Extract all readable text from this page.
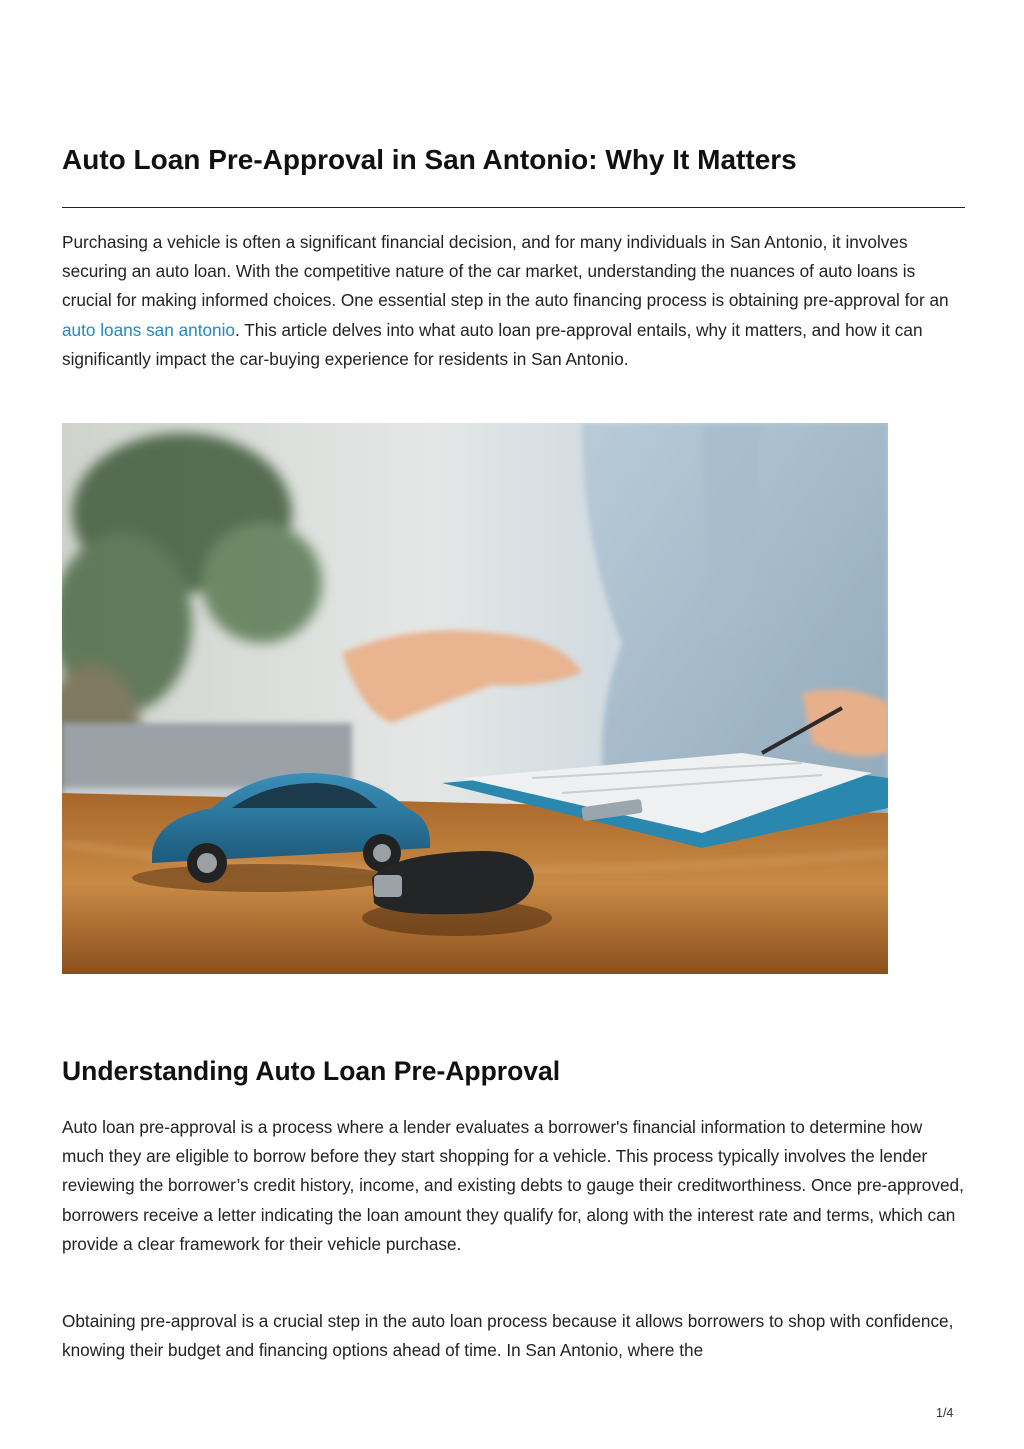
Auto Loan Pre-Approval in San Antonio: Why It Matters

Purchasing a vehicle is often a significant financial decision, and for many individuals in San Antonio, it involves securing an auto loan. With the competitive nature of the car market, understanding the nuances of auto loans is crucial for making informed choices. One essential step in the auto financing process is obtaining pre-approval for an auto loans san antonio. This article delves into what auto loan pre-approval entails, why it matters, and how it can significantly impact the car-buying experience for residents in San Antonio.

Understanding Auto Loan Pre-Approval

Auto loan pre-approval is a process where a lender evaluates a borrower's financial information to determine how much they are eligible to borrow before they start shopping for a vehicle. This process typically involves the lender reviewing the borrower’s credit history, income, and existing debts to gauge their creditworthiness. Once pre-approved, borrowers receive a letter indicating the loan amount they qualify for, along with the interest rate and terms, which can provide a clear framework for their vehicle purchase.

Obtaining pre-approval is a crucial step in the auto loan process because it allows borrowers to shop with confidence, knowing their budget and financing options ahead of time. In San Antonio, where the

1/4
